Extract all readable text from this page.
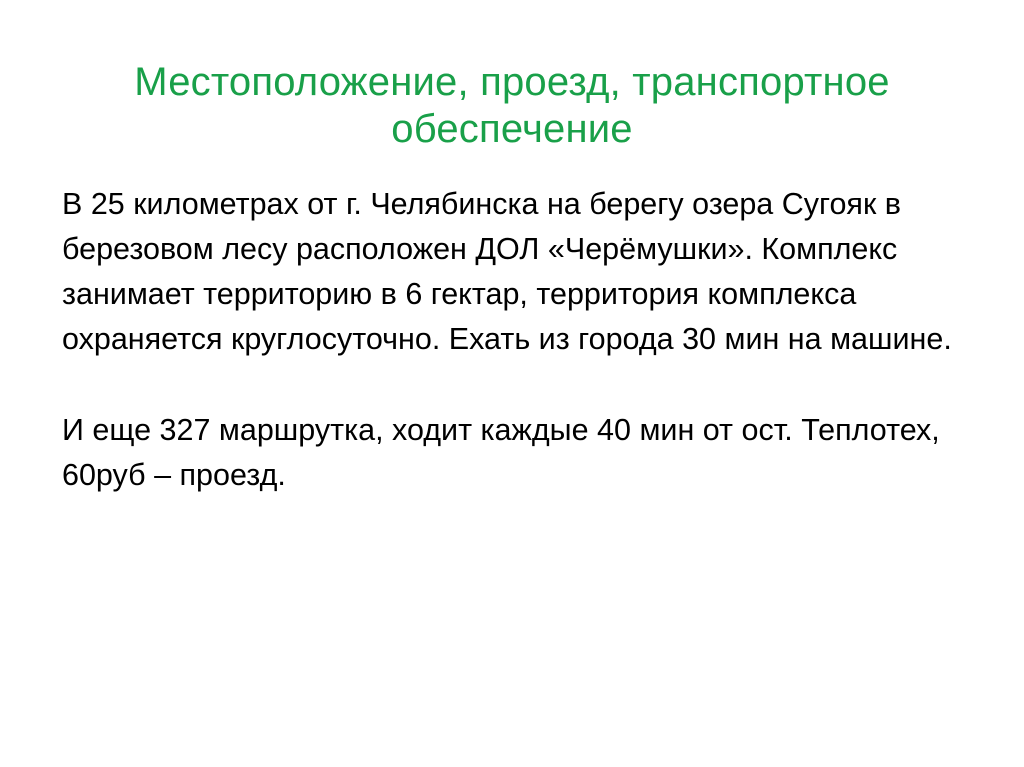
Местоположение, проезд, транспортное обеспечение

В 25 километрах от г. Челябинска на берегу озера Сугояк в березовом лесу расположен ДОЛ «Черёмушки». Комплекс занимает территорию в 6 гектар, территория комплекса охраняется круглосуточно. Ехать из города 30 мин на машине.

И еще 327 маршрутка, ходит каждые 40 мин от ост. Теплотех, 60руб – проезд.
